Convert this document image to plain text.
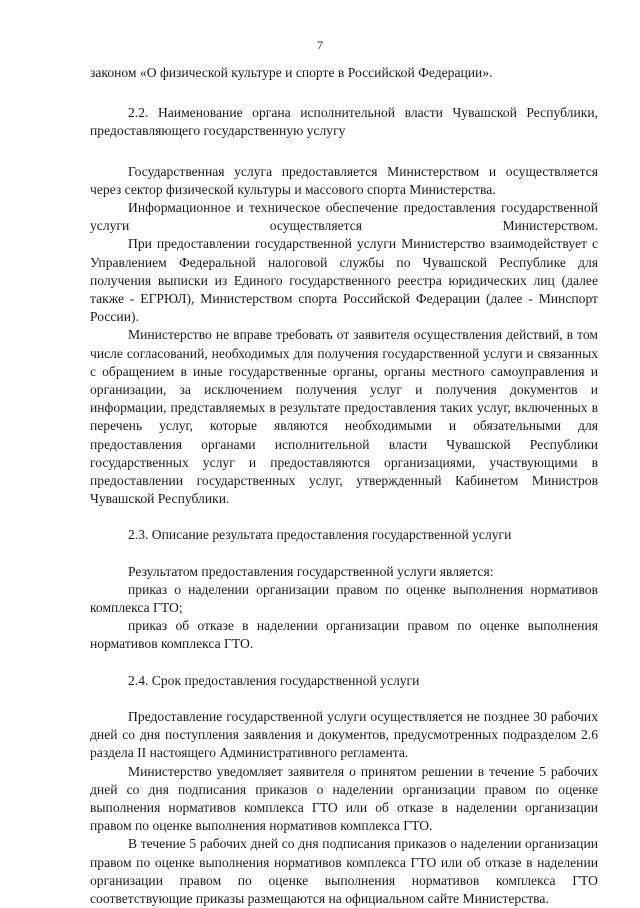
7

законом «О физической культуре и спорте в Российской Федерации».

2.2. Наименование органа исполнительной власти Чувашской Республики, предоставляющего государственную услугу

Государственная услуга предоставляется Министерством и осуществляется через сектор физической культуры и массового спорта Министерства.

Информационное и техническое обеспечение предоставления государственной услуги осуществляется Министерством.

При предоставлении государственной услуги Министерство взаимодействует с Управлением Федеральной налоговой службы по Чувашской Республике для получения выписки из Единого государственного реестра юридических лиц (далее также - ЕГРЮЛ), Министерством спорта Российской Федерации (далее - Минспорт России).

Министерство не вправе требовать от заявителя осуществления действий, в том числе согласований, необходимых для получения государственной услуги и связанных с обращением в иные государственные органы, органы местного самоуправления и организации, за исключением получения услуг и получения документов и информации, представляемых в результате предоставления таких услуг, включенных в перечень услуг, которые являются необходимыми и обязательными для предоставления органами исполнительной власти Чувашской Республики государственных услуг и предоставляются организациями, участвующими в предоставлении государственных услуг, утвержденный Кабинетом Министров Чувашской Республики.

2.3. Описание результата предоставления государственной услуги

Результатом предоставления государственной услуги является:

приказ о наделении организации правом по оценке выполнения нормативов комплекса ГТО;

приказ об отказе в наделении организации правом по оценке выполнения нормативов комплекса ГТО.

2.4. Срок предоставления государственной услуги

Предоставление государственной услуги осуществляется не позднее 30 рабочих дней со дня поступления заявления и документов, предусмотренных подразделом 2.6 раздела II настоящего Административного регламента.

Министерство уведомляет заявителя о принятом решении в течение 5 рабочих дней со дня подписания приказов о наделении организации правом по оценке выполнения нормативов комплекса ГТО или об отказе в наделении организации правом по оценке выполнения нормативов комплекса ГТО.

В течение 5 рабочих дней со дня подписания приказов о наделении организации правом по оценке выполнения нормативов комплекса ГТО или об отказе в наделении организации правом по оценке выполнения нормативов комплекса ГТО соответствующие приказы размещаются на официальном сайте Министерства.
